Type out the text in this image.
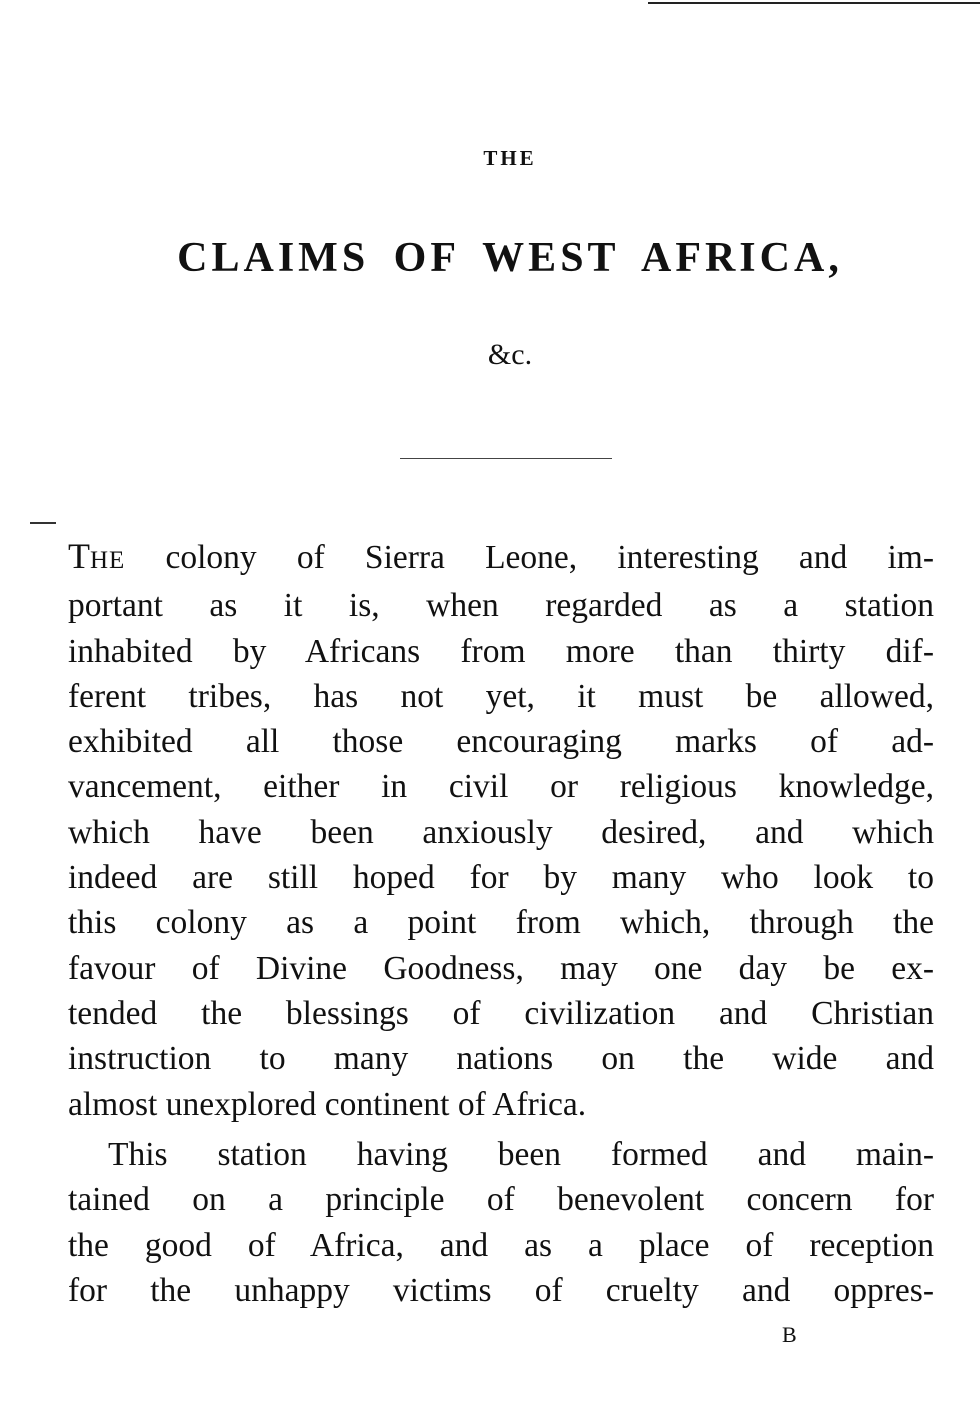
THE
CLAIMS OF WEST AFRICA,
&c.
THE colony of Sierra Leone, interesting and im-
portant as it is, when regarded as a station
inhabited by Africans from more than thirty dif-
ferent tribes, has not yet, it must be allowed,
exhibited all those encouraging marks of ad-
vancement, either in civil or religious knowledge,
which have been anxiously desired, and which
indeed are still hoped for by many who look to
this colony as a point from which, through the
favour of Divine Goodness, may one day be ex-
tended the blessings of civilization and Christian
instruction to many nations on the wide and
almost unexplored continent of Africa.
This station having been formed and main-
tained on a principle of benevolent concern for
the good of Africa, and as a place of reception
for the unhappy victims of cruelty and oppres-
B
